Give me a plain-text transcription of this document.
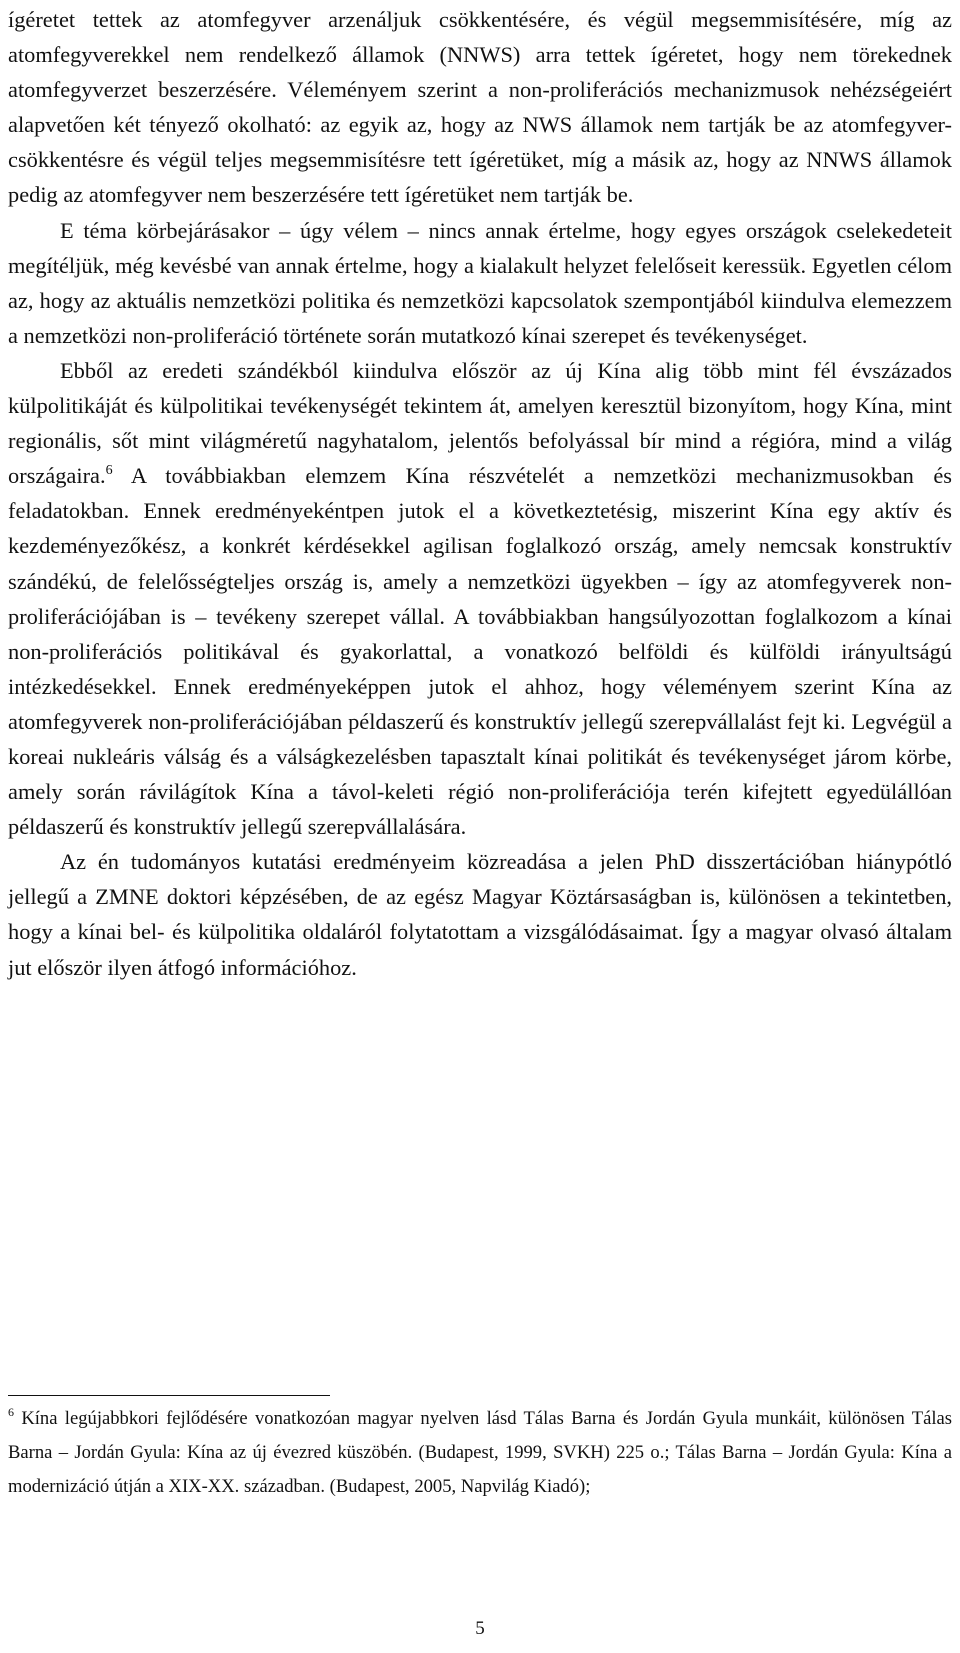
ígéretet tettek az atomfegyver arzenáljuk csökkentésére, és végül megsemmisítésére, míg az atomfegyverekkel nem rendelkező államok (NNWS) arra tettek ígéretet, hogy nem törekednek atomfegyverzet beszerzésére. Véleményem szerint a non-proliferációs mechanizmusok nehézségeiért alapvetően két tényező okolható: az egyik az, hogy az NWS államok nem tartják be az atomfegyver-csökkentésre és végül teljes megsemmisítésre tett ígéretüket, míg a másik az, hogy az NNWS államok pedig az atomfegyver nem beszerzésére tett ígéretüket nem tartják be.

E téma körbejárásakor – úgy vélem – nincs annak értelme, hogy egyes országok cselekedeteit megítéljük, még kevésbé van annak értelme, hogy a kialakult helyzet felelőseit keressük. Egyetlen célom az, hogy az aktuális nemzetközi politika és nemzetközi kapcsolatok szempontjából kiindulva elemezzem a nemzetközi non-proliferáció története során mutatkozó kínai szerepet és tevékenységet.

Ebből az eredeti szándékból kiindulva először az új Kína alig több mint fél évszázados külpolitikáját és külpolitikai tevékenységét tekintem át, amelyen keresztül bizonyítom, hogy Kína, mint regionális, sőt mint világméretű nagyhatalom, jelentős befolyással bír mind a régióra, mind a világ országaira.$^6$ A továbbiakban elemzem Kína részvételét a nemzetközi mechanizmusokban és feladatokban. Ennek eredményekéntpen jutok el a következtetésig, miszerint Kína egy aktív és kezdeményezőkész, a konkrét kérdésekkel agilisan foglalkozó ország, amely nemcsak konstruktív szándékú, de felelősségteljes ország is, amely a nemzetközi ügyekben – így az atomfegyverek non-proliferációjában is – tevékeny szerepet vállal. A továbbiakban hangsúlyozottan foglalkozom a kínai non-proliferációs politikával és gyakorlattal, a vonatkozó belföldi és külföldi irányultságú intézkedésekkel. Ennek eredményeképpen jutok el ahhoz, hogy véleményem szerint Kína az atomfegyverek non-proliferációjában példaszerű és konstruktív jellegű szerepvállalást fejt ki. Legvégül a koreai nukleáris válság és a válságkezelésben tapasztalt kínai politikát és tevékenységet járom körbe, amely során rávilágítok Kína a távol-keleti régió non-proliferációja terén kifejtett egyedülállóan példaszerű és konstruktív jellegű szerepvállalására.

Az én tudományos kutatási eredményeim közreadása a jelen PhD disszertációban hiánypótló jellegű a ZMNE doktori képzésében, de az egész Magyar Köztársaságban is, különösen a tekintetben, hogy a kínai bel- és külpolitika oldaláról folytatottam a vizsgálódásaimat. Így a magyar olvasó általam jut először ilyen átfogó információhoz.

$^6$ Kína legújabbkori fejlődésére vonatkozóan magyar nyelven lásd Tálas Barna és Jordán Gyula munkáit, különösen Tálas Barna – Jordán Gyula: Kína az új évezred küszöbén. (Budapest, 1999, SVKH) 225 o.; Tálas Barna – Jordán Gyula: Kína a modernizáció útján a XIX-XX. században. (Budapest, 2005, Napvilág Kiadó);

5
